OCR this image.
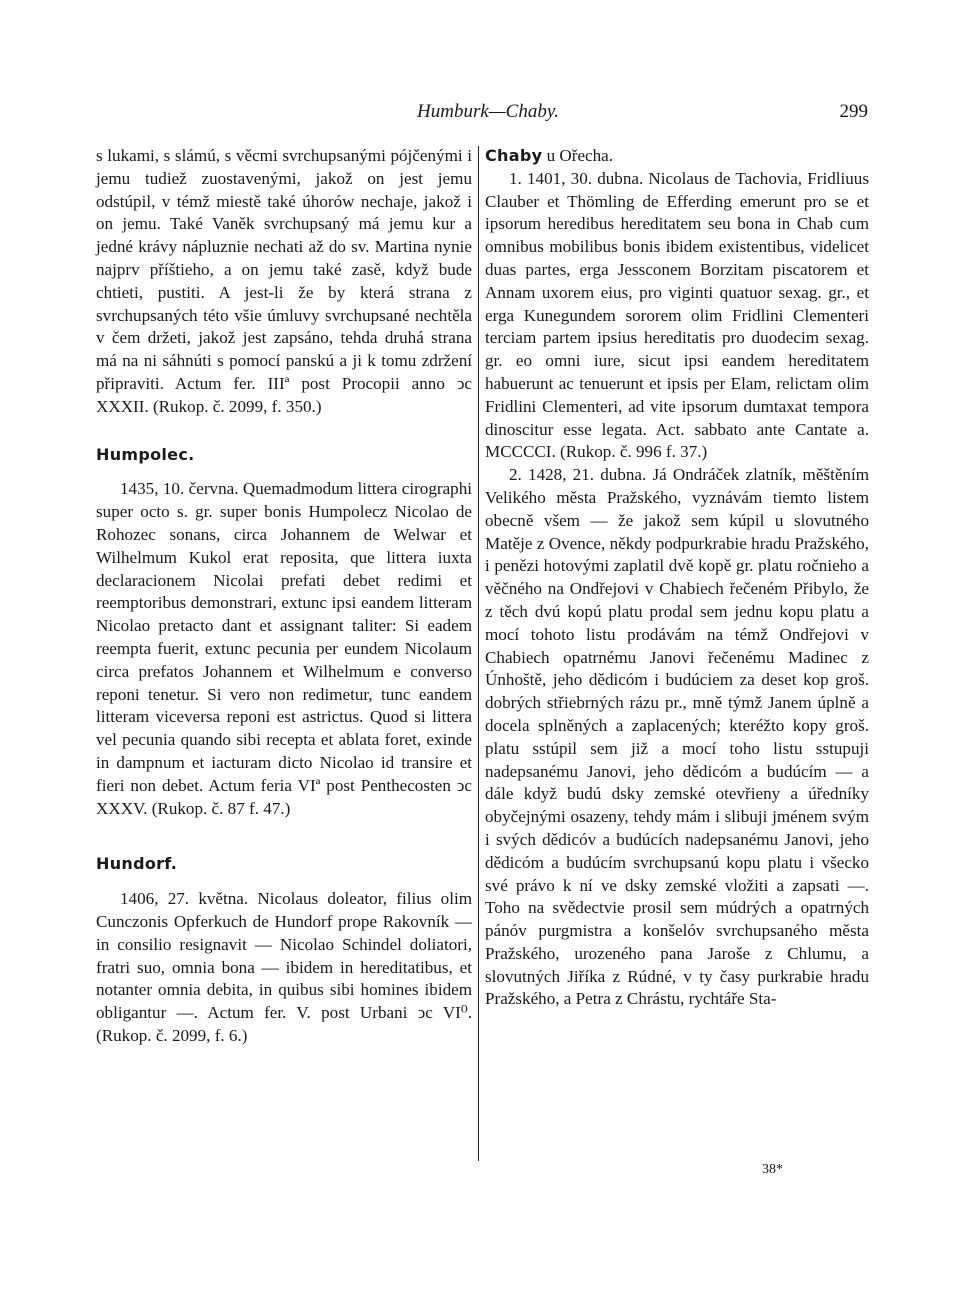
Humburk—Chaby.	299

s lukami, s slámú, s věcmi svrchupsanými pójčenými i jemu tudiež zuostavenými, jakož on jest jemu odstúpil, v témž miestě také úhorów nechaje, jakož i on jemu. Také Vaněk svrchupsaný má jemu kur a jedné krávy nápluznie nechati až do sv. Martina nynie najprv příštieho, a on jemu také zasě, když bude chtieti, pustiti. A jest-li že by která strana z svrchupsaných této všie úmluvy svrchupsané nechtěla v čem držeti, jakož jest zapsáno, tehda druhá strana má na ni sáhnúti s pomocí panskú a ji k tomu zdržení připraviti. Actum fer. IIIª post Procopii anno ↄc XXXII. (Rukop. č. 2099, f. 350.)

Humpolec.

1435, 10. června. Quemadmodum littera cirographi super octo s. gr. super bonis Humpolecz Nicolao de Rohozec sonans, circa Johannem de Welwar et Wilhelmum Kukol erat reposita, que littera iuxta declaracionem Nicolai prefati debet redimi et reemptoribus demonstrari, extunc ipsi eandem litteram Nicolao pretacto dant et assignant taliter: Si eadem reempta fuerit, extunc pecunia per eundem Nicolaum circa prefatos Johannem et Wilhelmum e converso reponi tenetur. Si vero non redimetur, tunc eandem litteram viceversa reponi est astrictus. Quod si littera vel pecunia quando sibi recepta et ablata foret, exinde in dampnum et iacturam dicto Nicolao id transire et fieri non debet. Actum feria VIª post Penthecosten ↄc XXXV. (Rukop. č. 87 f. 47.)

Hundorf.

1406, 27. května. Nicolaus doleator, filius olim Cunczonis Opferkuch de Hundorf prope Rakovník — in consilio resignavit — Nicolao Schindel doliatori, fratri suo, omnia bona — ibidem in hereditatibus, et notanter omnia debita, in quibus sibi homines ibidem obligantur —. Actum fer. V. post Urbani ↄc VI⁰. (Rukop. č. 2099, f. 6.)

Chaby u Ořecha.

1. 1401, 30. dubna. Nicolaus de Tachovia, Fridliuus Clauber et Thömling de Efferding emerunt pro se et ipsorum heredibus hereditatem seu bona in Chab cum omnibus mobilibus bonis ibidem existentibus, videlicet duas partes, erga Jessconem Borzitam piscatorem et Annam uxorem eius, pro viginti quatuor sexag. gr., et erga Kunegundem sororem olim Fridlini Clementeri terciam partem ipsius hereditatis pro duodecim sexag. gr. eo omni iure, sicut ipsi eandem hereditatem habuerunt ac tenuerunt et ipsis per Elam, relictam olim Fridlini Clementeri, ad vite ipsorum dumtaxat tempora dinoscitur esse legata. Act. sabbato ante Cantate a. MCCCCI. (Rukop. č. 996 f. 37.)

2. 1428, 21. dubna. Já Ondráček zlatník, měštěním Velikého města Pražského, vyznávám tiemto listem obecně všem — že jakož sem kúpil u slovutného Matěje z Ovence, někdy podpurkrabie hradu Pražského, i penězi hotovými zaplatil dvě kopě gr. platu ročnieho a věčného na Ondřejovi v Chabiech řečeném Přibylo, že z těch dvú kopú platu prodal sem jednu kopu platu a mocí tohoto listu prodávám na témž Ondřejovi v Chabiech opatrnému Janovi řečenému Madinec z Únhoště, jeho dědicóm i budúciem za deset kop groš. dobrých střiebrných rázu pr., mně týmž Janem úplně a docela splněných a zaplacených; kteréžto kopy groš. platu sstúpil sem již a mocí toho listu sstupuji nadepsanému Janovi, jeho dědicóm a budúcím — a dále když budú dsky zemské otevřieny a úředníky obyčejnými osazeny, tehdy mám i slibuji jménem svým i svých dědicóv a budúcích nadepsanému Janovi, jeho dědicóm a budúcím svrchupsanú kopu platu i všecko své právo k ní ve dsky zemské vložiti a zapsati —. Toho na svědectvie prosil sem múdrých a opatrných pánóv purgmistra a konšelóv svrchupsaného města Pražského, urozeného pana Jaroše z Chlumu, a slovutných Jiříka z Rúdné, v ty časy purkrabie hradu Pražského, a Petra z Chrástu, rychtáře Sta-

38*
